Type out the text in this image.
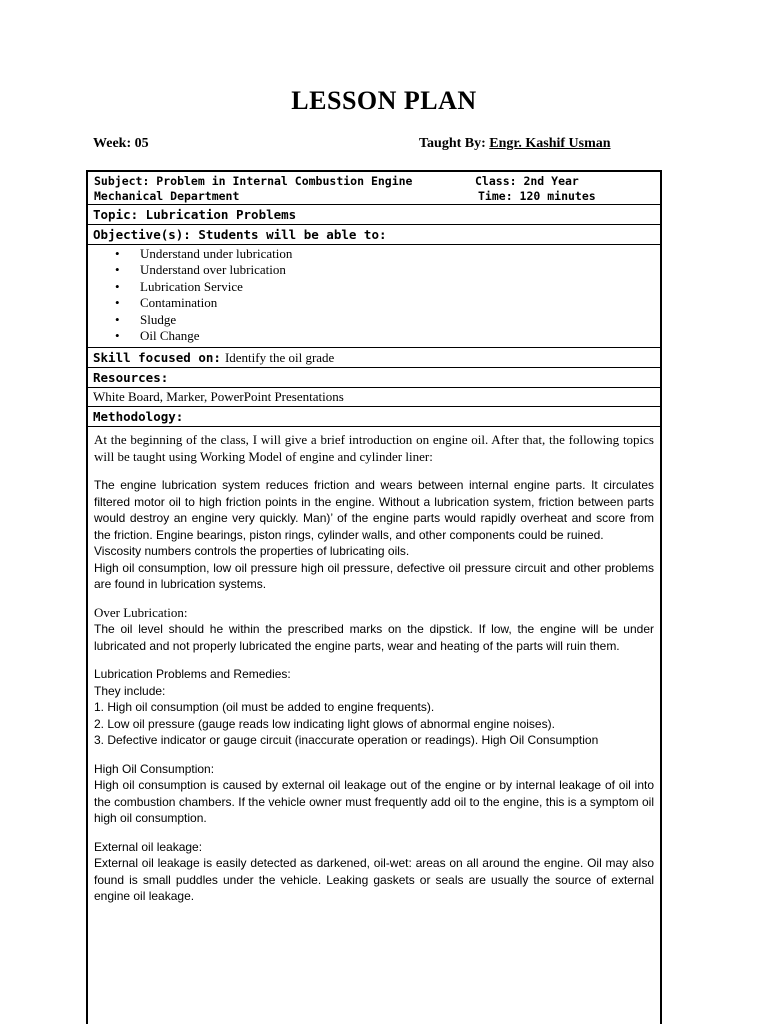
LESSON PLAN
Week: 05	Taught By: Engr. Kashif Usman
Subject: Problem in Internal Combustion Engine
Mechanical Department
Class: 2nd Year
Time: 120 minutes
Topic: Lubrication Problems
Objective(s): Students will be able to:
• Understand under lubrication
• Understand over lubrication
• Lubrication Service
• Contamination
• Sludge
• Oil Change
Skill focused on: Identify the oil grade
Resources:
White Board, Marker, PowerPoint Presentations
Methodology:

At the beginning of the class, I will give a brief introduction on engine oil. After that, the following topics will be taught using Working Model of engine and cylinder liner:

The engine lubrication system reduces friction and wears between internal engine parts. It circulates filtered motor oil to high friction points in the engine. Without a lubrication system, friction between parts would destroy an engine very quickly. Man)’ of the engine parts would rapidly overheat and score from the friction. Engine bearings, piston rings, cylinder walls, and other components could be ruined.

Viscosity numbers controls the properties of lubricating oils.

High oil consumption, low oil pressure high oil pressure, defective oil pressure circuit and other problems are found in lubrication systems.

Over Lubrication:

The oil level should he within the prescribed marks on the dipstick. If low, the engine will be under lubricated and not properly lubricated the engine parts, wear and heating of the parts will ruin them.

Lubrication Problems and Remedies:

They include:

1. High oil consumption (oil must be added to engine frequents).

2. Low oil pressure (gauge reads low indicating light glows of abnormal engine noises).

3. Defective indicator or gauge circuit (inaccurate operation or readings). High Oil Consumption

High Oil Consumption:

High oil consumption is caused by external oil leakage out of the engine or by internal leakage of oil into the combustion chambers. If the vehicle owner must frequently add oil to the engine, this is a symptom oil high oil consumption.

External oil leakage:

External oil leakage is easily detected as darkened, oil-wet: areas on all around the engine. Oil may also found is small puddles under the vehicle. Leaking gaskets or seals are usually the source of external engine oil leakage.
